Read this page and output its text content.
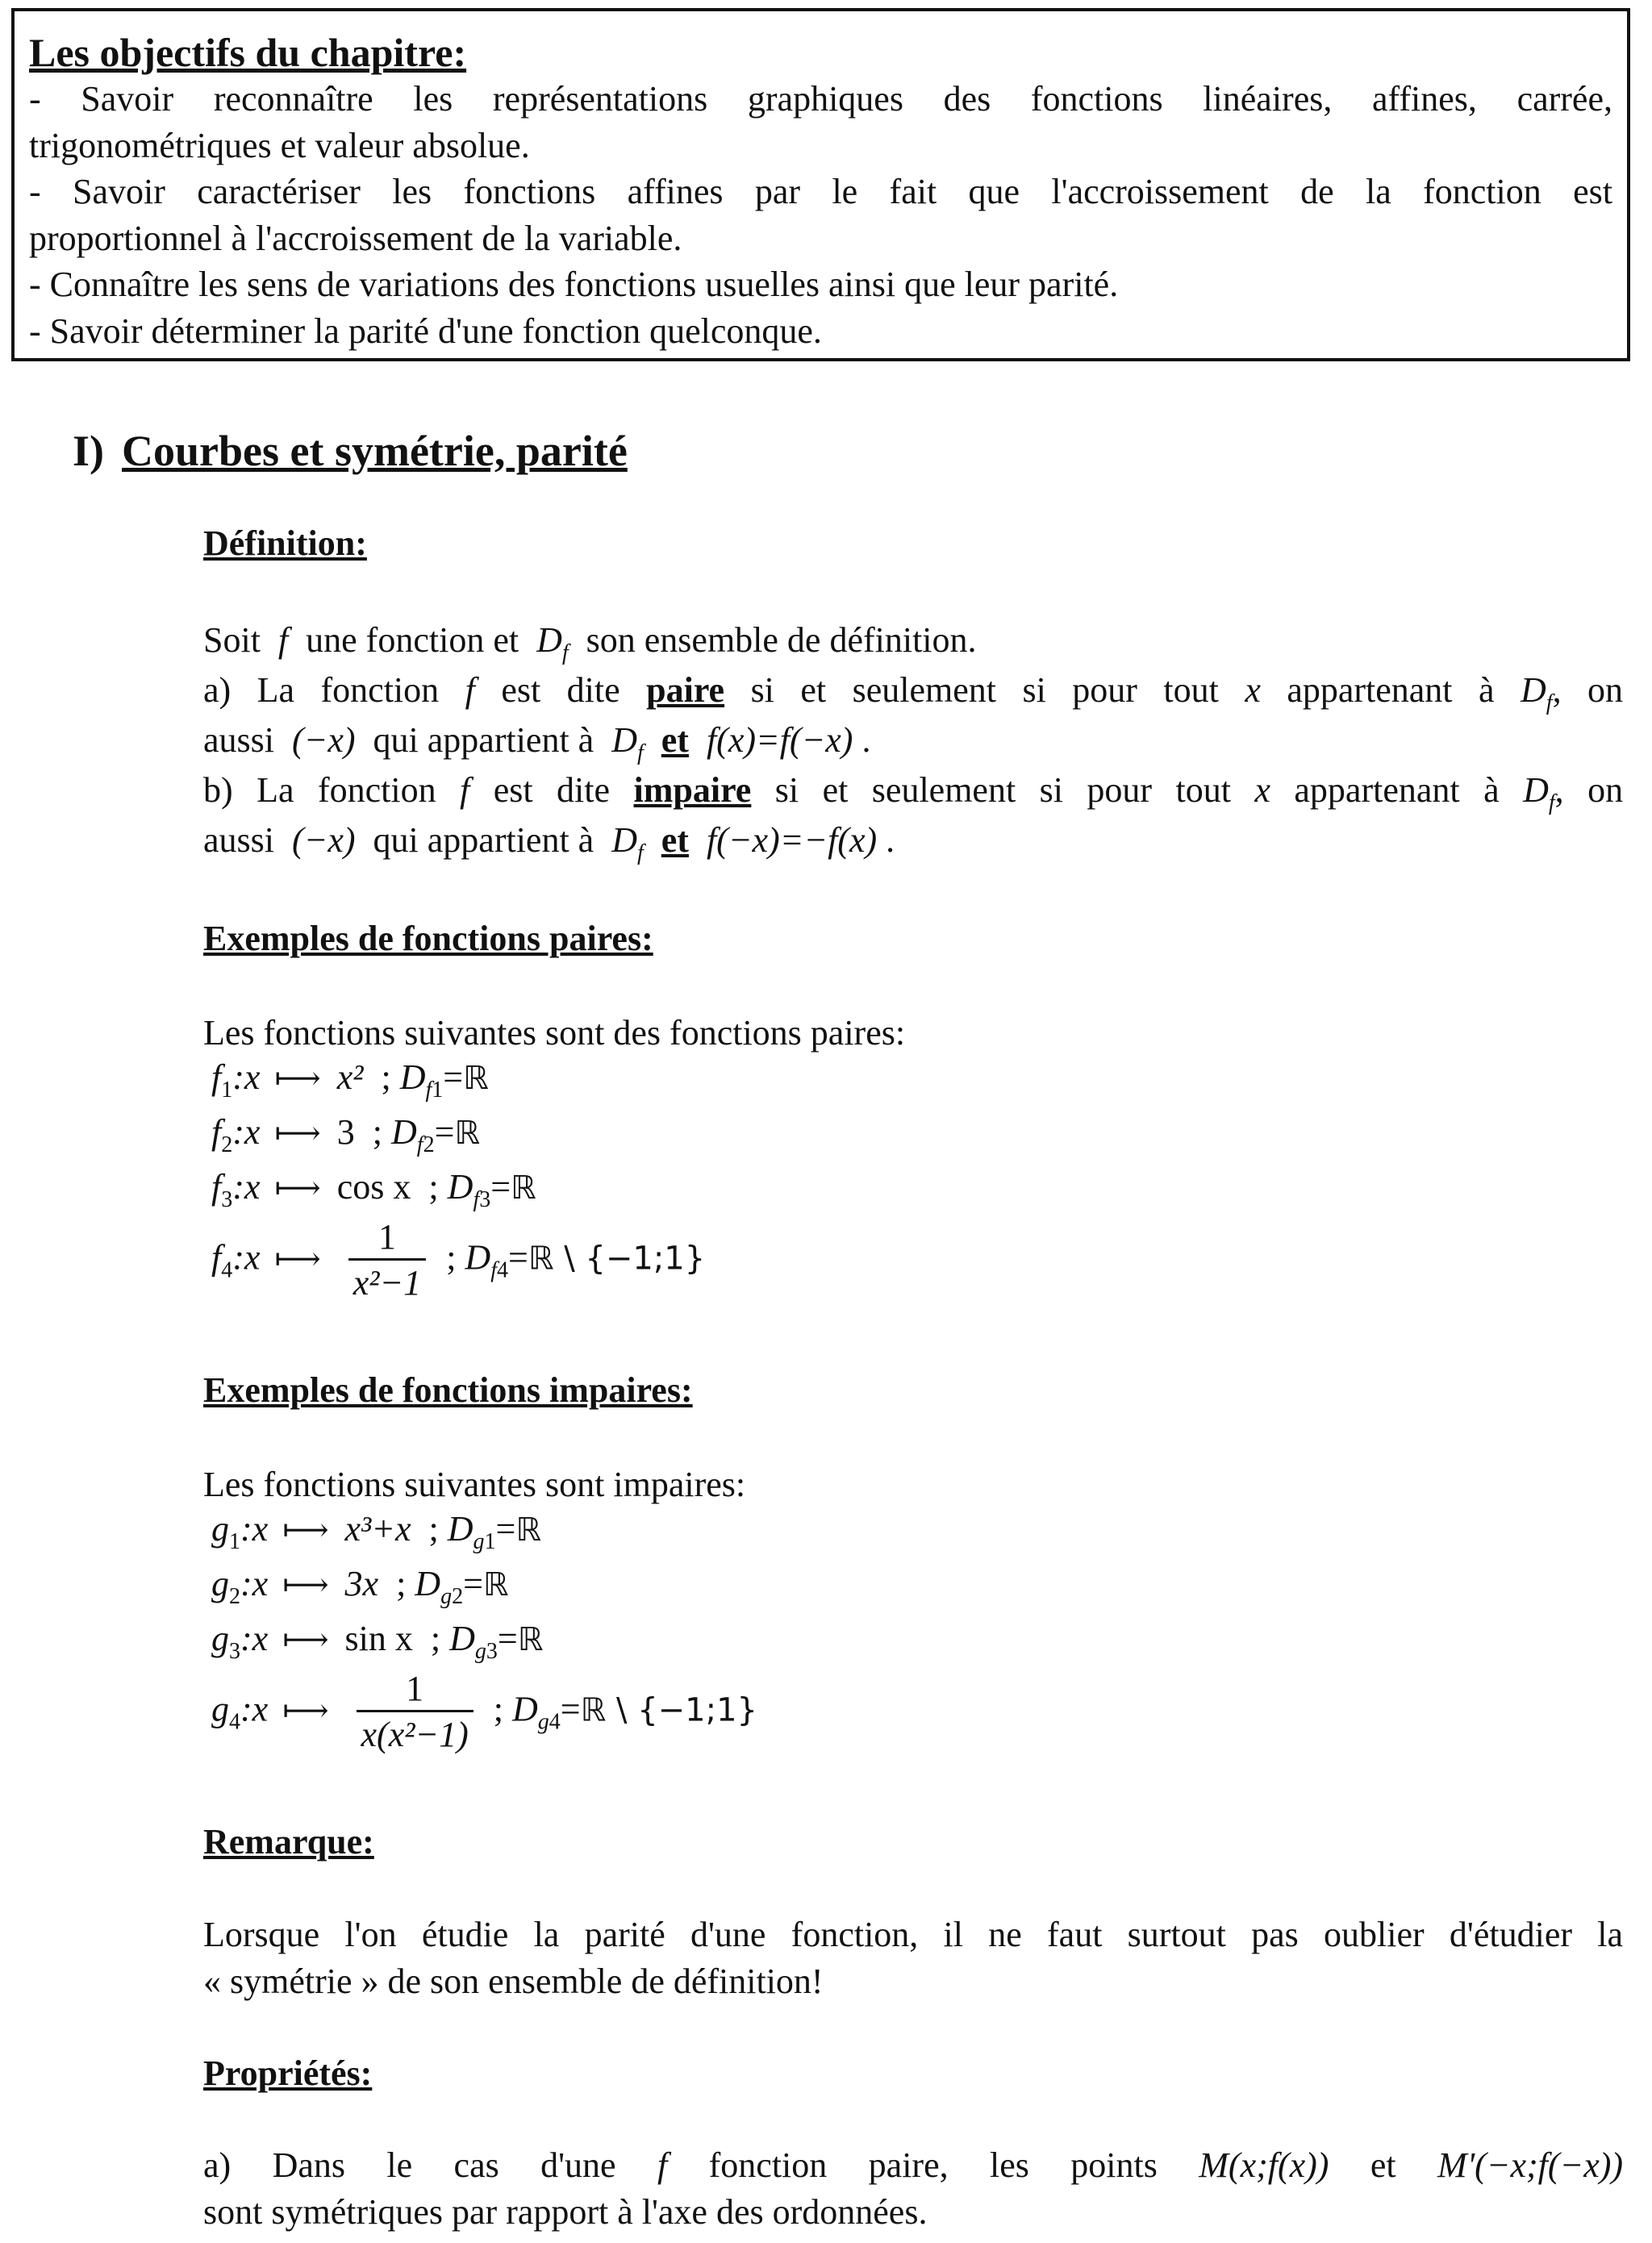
Les objectifs du chapitre:
- Savoir reconnaître les représentations graphiques des fonctions linéaires, affines, carrée,
trigonométriques et valeur absolue.
- Savoir caractériser les fonctions affines par le fait que l'accroissement de la fonction est
proportionnel à l'accroissement de la variable.
- Connaître les sens de variations des fonctions usuelles ainsi que leur parité.
- Savoir déterminer la parité d'une fonction quelconque.
I) Courbes et symétrie, parité
Définition:
Soit  f  une fonction et  $D_f$ son ensemble de définition.
a) La fonction f est dite paire si et seulement si pour tout x appartenant à $D_f$, on
aussi  (−x)  qui appartient à  $D_f$ et f(x)=f(−x) .
b) La fonction f est dite impaire si et seulement si pour tout x appartenant à $D_f$, on
aussi  (−x)  qui appartient à  $D_f$ et f(−x)=−f(x) .
Exemples de fonctions paires:
Les fonctions suivantes sont des fonctions paires:
$f_1:x$ ⟼ x²  ; $D_{f1}=ℝ$
$f_2:x$ ⟼ 3  ; $D_{f2}=ℝ$
$f_3:x$ ⟼ cos x  ; $D_{f3}=ℝ$
$f_4:x$ ⟼ $\frac{1}{\text{x²−1}}$ ; $D_{f4}=ℝ$ \ {−1;1}
Exemples de fonctions impaires:
Les fonctions suivantes sont impaires:
$g_1:x$ ⟼ x³+x  ; $D_{g1}=ℝ$
$g_2:x$ ⟼ 3x  ; $D_{g2}=ℝ$
$g_3:x$ ⟼ sin x  ; $D_{g3}=ℝ$
$g_4:x$ ⟼ $\frac{1}{\text{x(x²−1)}}$ ; $D_{g4}=ℝ$ \ {−1;1}
Remarque:
Lorsque l'on étudie la parité d'une fonction, il ne faut surtout pas oublier d'étudier la
« symétrie » de son ensemble de définition!
Propriétés:
a) Dans le cas d'une f fonction paire, les points M(x;f(x)) et M'(−x;f(−x))
sont symétriques par rapport à l'axe des ordonnées.
